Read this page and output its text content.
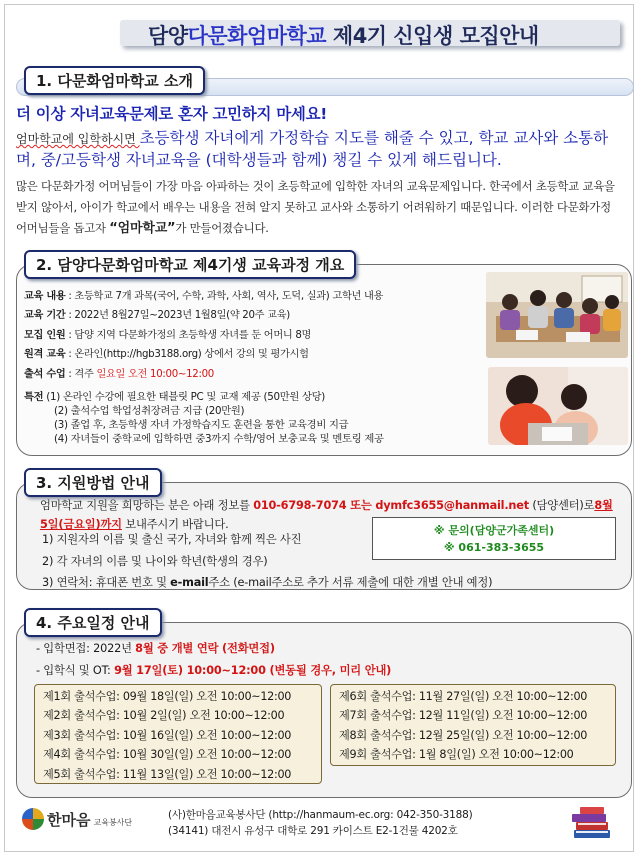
담양다문화엄마학교 제4기 신입생 모집안내
1. 다문화엄마학교 소개
더 이상 자녀교육문제로 혼자 고민하지 마세요!
엄마학교에 입학하시면 초등학생 자녀에게 가정학습 지도를 해줄 수 있고, 학교 교사와 소통하며, 중/고등학생 자녀교육을 (대학생들과 함께) 챙길 수 있게 해드립니다.
많은 다문화가정 어머님들이 가장 마음 아파하는 것이 초등학교에 입학한 자녀의 교육문제입니다. 한국에서 초등학교 교육을 받지 않아서, 아이가 학교에서 배우는 내용을 전혀 알지 못하고 교사와 소통하기 어려워하기 때문입니다. 이러한 다문화가정 어머님들을 돕고자 “엄마학교”가 만들어졌습니다.
2. 담양다문화엄마학교 제4기생 교육과정 개요
교육 내용 : 초등학교 7개 과목(국어, 수학, 과학, 사회, 역사, 도덕, 실과) 고학년 내용
교육 기간 : 2022년 8월27일~2023년 1월8일(약 20주 교육)
모집 인원 : 담양 지역 다문화가정의 초등학생 자녀를 둔 어머니 8명
원격 교육 : 온라인(http://hgb3188.org) 상에서 강의 및 평가시험
출석 수업 : 격주 일요일 오전 10:00~12:00
특전 (1) 온라인 수강에 필요한 태블릿 PC 및 교재 제공 (50만원 상당)
(2) 출석수업 학업성취장려금 지급 (20만원)
(3) 졸업 후, 초등학생 자녀 가정학습지도 훈련을 통한 교육경비 지급
(4) 자녀들이 중학교에 입학하면 중3까지 수학/영어 보충교육 및 멘토링 제공
3. 지원방법 안내
엄마학교 지원을 희망하는 분은 아래 정보를 010-6798-7074 또는 dymfc3655@hanmail.net (담양센터)로8월 5일(금요일)까지 보내주시기 바랍니다.
1) 지원자의 이름 및 출신 국가, 자녀와 함께 찍은 사진
2) 각 자녀의 이름 및 나이와 학년(학생의 경우)
3) 연락처: 휴대폰 번호 및 e-mail주소 (e-mail주소로 추가 서류 제출에 대한 개별 안내 예정)
※ 문의(담양군가족센터)
※ 061-383-3655
4. 주요일정 안내
- 입학면접: 2022년 8월 중 개별 연락 (전화면접)
- 입학식 및 OT: 9월 17일(토) 10:00~12:00 (변동될 경우, 미리 안내)
제1회 출석수업: 09월 18일(일) 오전 10:00~12:00
제2회 출석수업: 10월 2일(일) 오전 10:00~12:00
제3회 출석수업: 10월 16일(일) 오전 10:00~12:00
제4회 출석수업: 10월 30일(일) 오전 10:00~12:00
제5회 출석수업: 11월 13일(일) 오전 10:00~12:00
제6회 출석수업: 11월 27일(일) 오전 10:00~12:00
제7회 출석수업: 12월 11일(일) 오전 10:00~12:00
제8회 출석수업: 12월 25일(일) 오전 10:00~12:00
제9회 출석수업: 1월 8일(일) 오전 10:00~12:00
한마음 교육봉사단
(사)한마음교육봉사단 (http://hanmaum-ec.org: 042-350-3188)
(34141) 대전시 유성구 대학로 291 카이스트 E2-1건물 4202호
